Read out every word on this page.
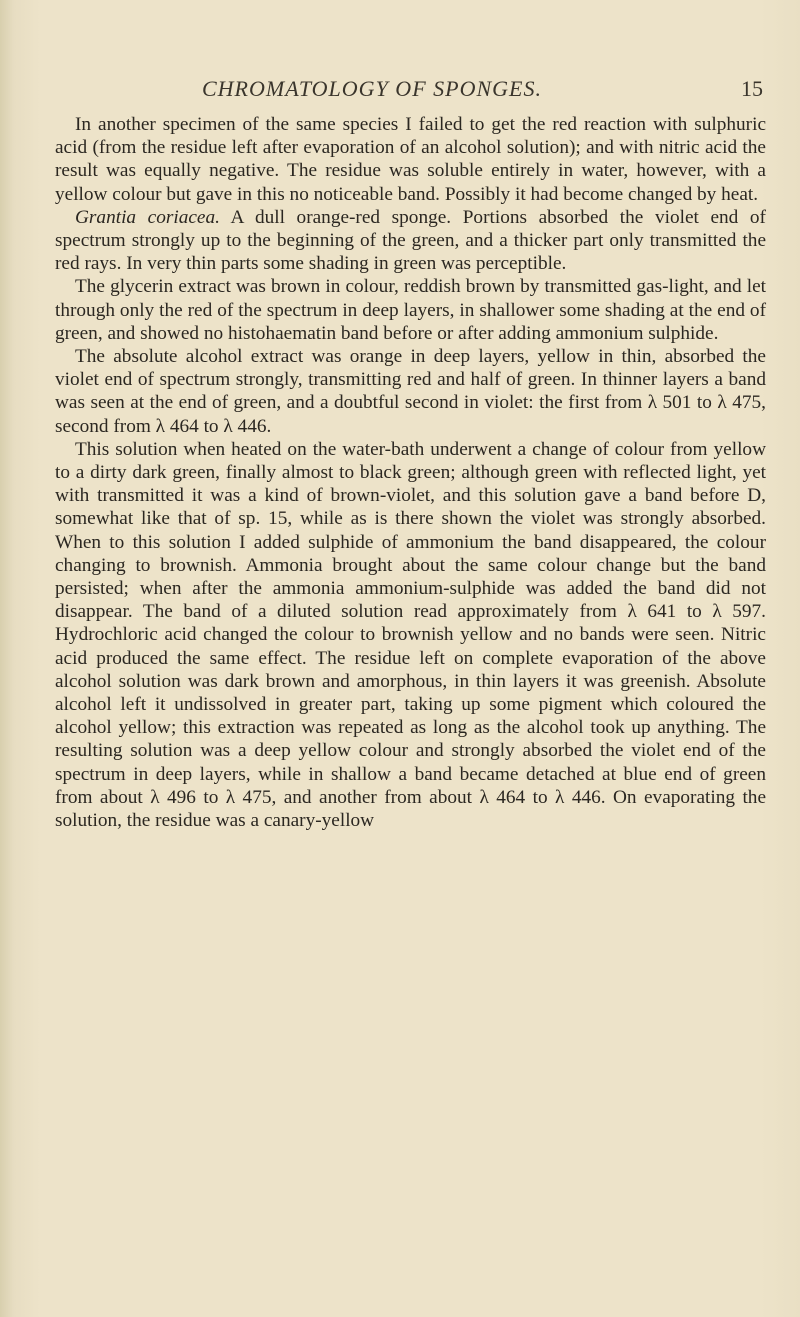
CHROMATOLOGY OF SPONGES.	15

In another specimen of the same species I failed to get the red reaction with sulphuric acid (from the residue left after evaporation of an alcohol solution); and with nitric acid the result was equally negative. The residue was soluble entirely in water, however, with a yellow colour but gave in this no noticeable band. Possibly it had become changed by heat.

Grantia coriacea. A dull orange-red sponge. Portions absorbed the violet end of spectrum strongly up to the beginning of the green, and a thicker part only transmitted the red rays. In very thin parts some shading in green was perceptible.

The glycerin extract was brown in colour, reddish brown by transmitted gas-light, and let through only the red of the spectrum in deep layers, in shallower some shading at the end of green, and showed no histohaematin band before or after adding ammonium sulphide.

The absolute alcohol extract was orange in deep layers, yellow in thin, absorbed the violet end of spectrum strongly, transmitting red and half of green. In thinner layers a band was seen at the end of green, and a doubtful second in violet: the first from λ 501 to λ 475, second from λ 464 to λ 446.

This solution when heated on the water-bath underwent a change of colour from yellow to a dirty dark green, finally almost to black green; although green with reflected light, yet with transmitted it was a kind of brown-violet, and this solution gave a band before D, somewhat like that of sp. 15, while as is there shown the violet was strongly absorbed. When to this solution I added sulphide of ammonium the band disappeared, the colour changing to brownish. Ammonia brought about the same colour change but the band persisted; when after the ammonia ammonium-sulphide was added the band did not disappear. The band of a diluted solution read approximately from λ 641 to λ 597. Hydrochloric acid changed the colour to brownish yellow and no bands were seen. Nitric acid produced the same effect. The residue left on complete evaporation of the above alcohol solution was dark brown and amorphous, in thin layers it was greenish. Absolute alcohol left it undissolved in greater part, taking up some pigment which coloured the alcohol yellow; this extraction was repeated as long as the alcohol took up anything. The resulting solution was a deep yellow colour and strongly absorbed the violet end of the spectrum in deep layers, while in shallow a band became detached at blue end of green from about λ 496 to λ 475, and another from about λ 464 to λ 446. On evaporating the solution, the residue was a canary-yellow
